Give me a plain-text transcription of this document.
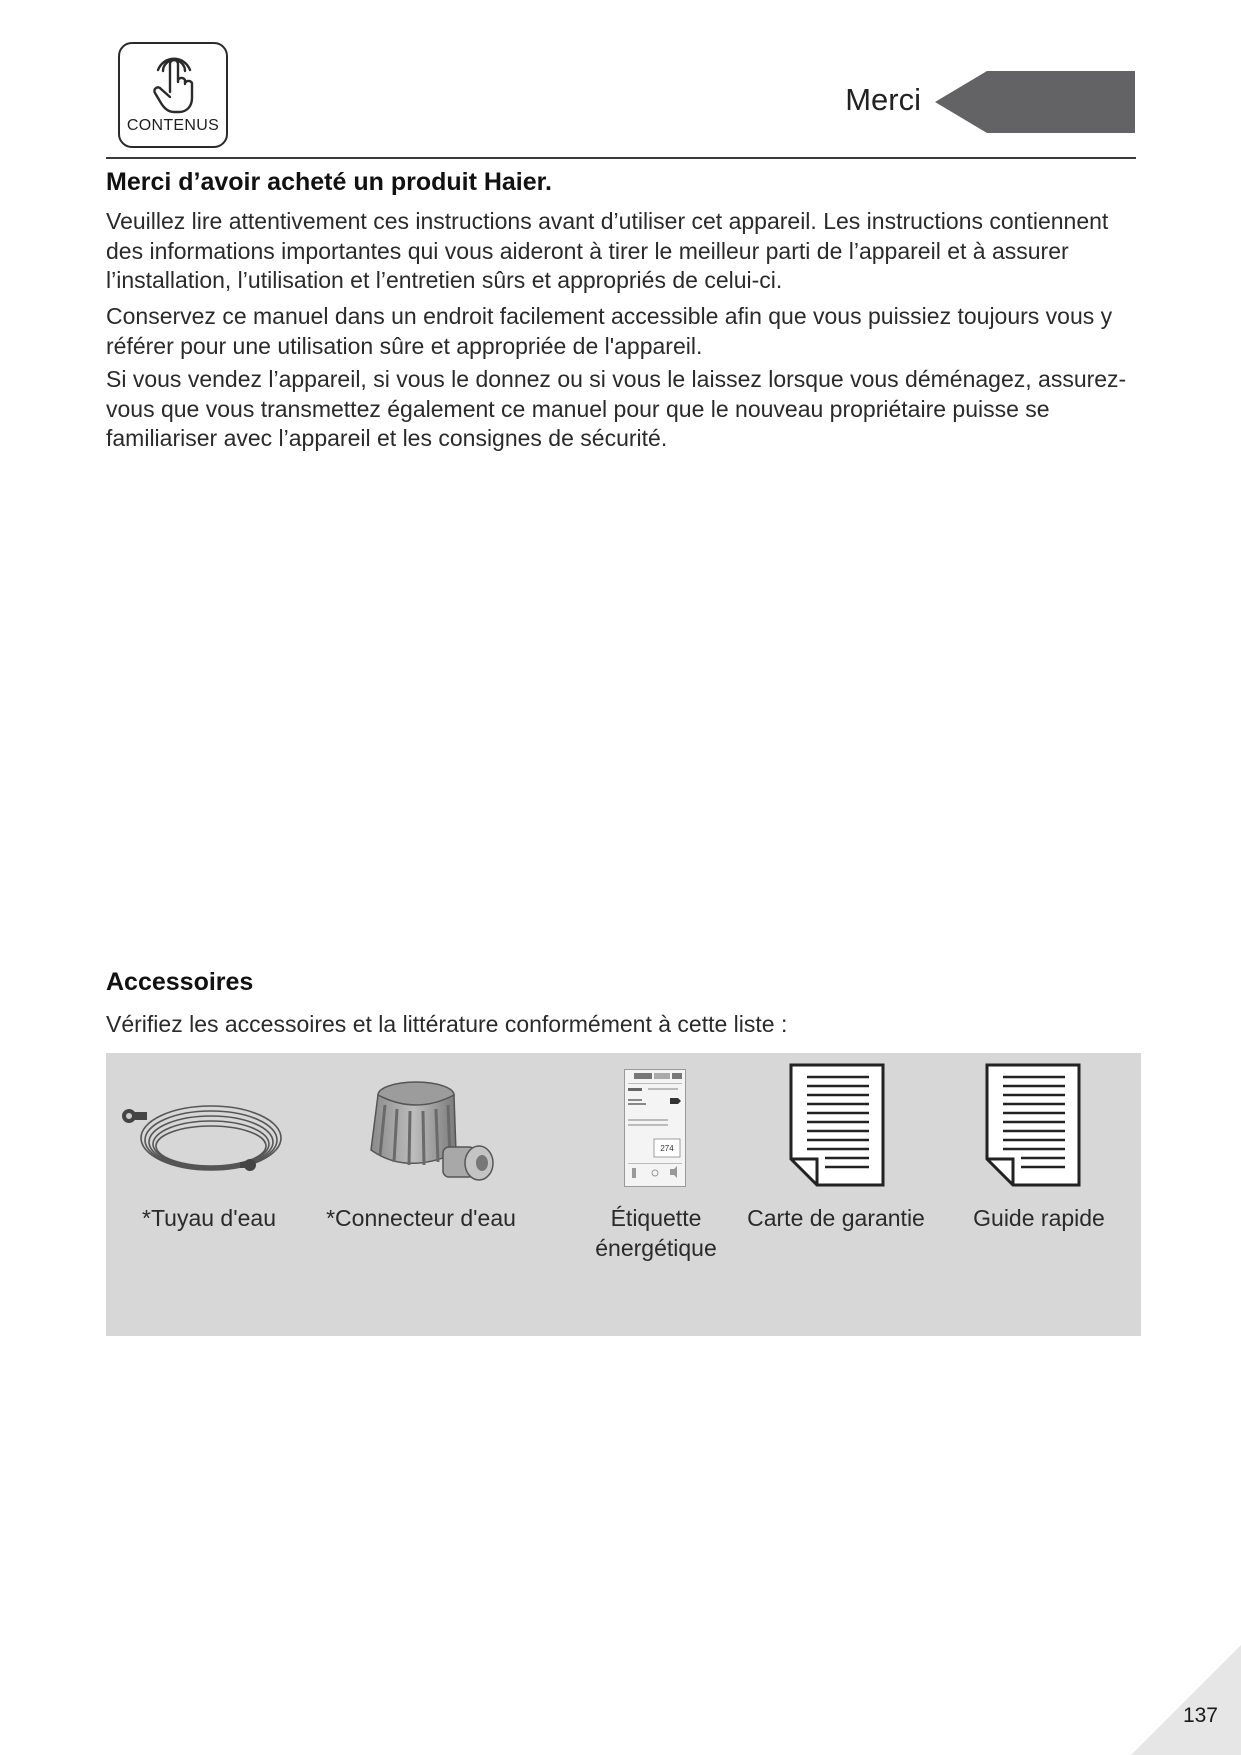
CONTENUS
Merci
Merci d’avoir acheté un produit Haier.

Veuillez lire attentivement ces instructions avant d’utiliser cet appareil. Les instructions contiennent des informations importantes qui vous aideront à tirer le meilleur parti de l’appareil et à assurer l’installation, l’utilisation et l’entretien sûrs et appropriés de celui-ci.

Conservez ce manuel dans un endroit facilement accessible afin que vous puissiez toujours vous y référer pour une utilisation sûre et appropriée de l'appareil.

Si vous vendez l’appareil, si vous le donnez ou si vous le laissez lorsque vous déménagez, assurez-vous que vous transmettez également ce manuel pour que le nouveau propriétaire puisse se familiariser avec l’appareil et les consignes de sécurité.

Accessoires

Vérifiez les accessoires et la littérature conformément à cette liste :

*Tuyau d'eau	*Connecteur d'eau
274
Étiquette énergétique
Carte de garantie	Guide rapide
137
